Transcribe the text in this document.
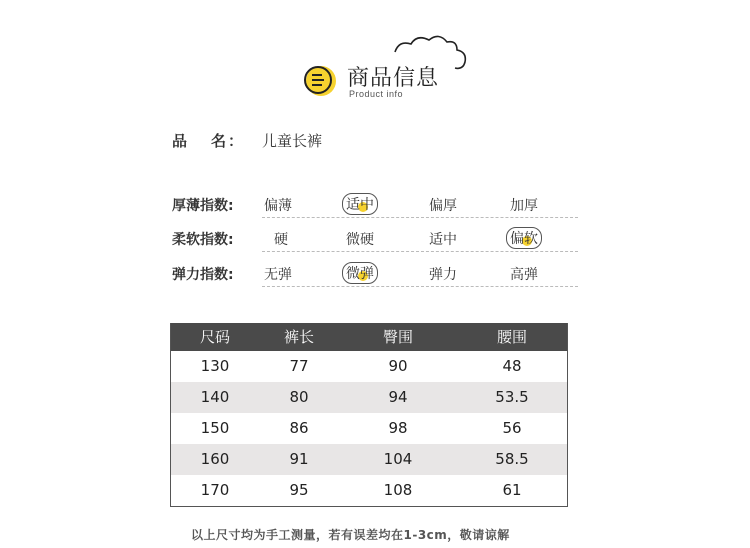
商品信息
Product info
品 名： 儿童长裤
厚薄指数: 偏薄	适中	偏厚	加厚
柔软指数:	硬	微硬	适中	偏软
弹力指数: 无弹	微弹	弹力	高弹
尺码	裤长	臀围	腰围
130	77	90	48
140	80	94	53.5
150	86	98	56
160	91	104	58.5
170	95	108	61
以上尺寸均为手工测量，若有误差均在1-3cm，敬请谅解
